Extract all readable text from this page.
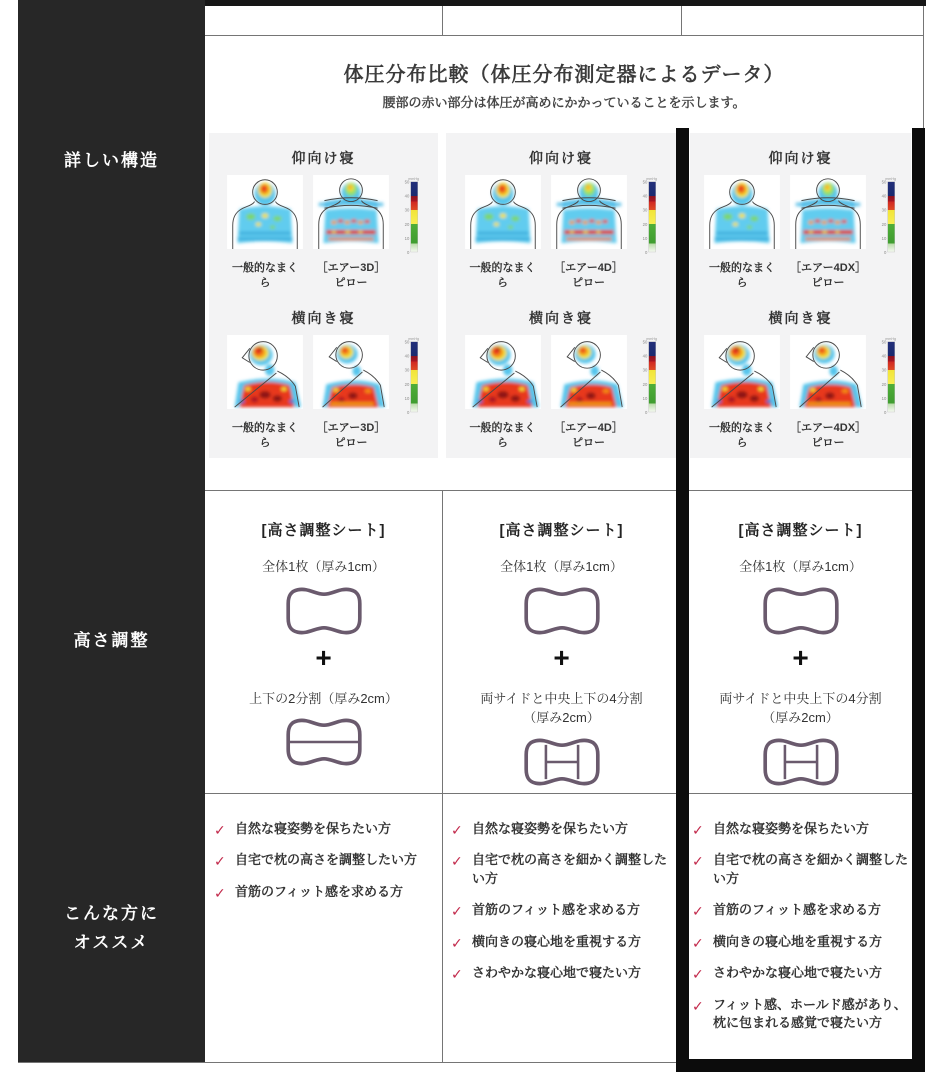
詳しい構造
高さ調整
こんな方に
オススメ
体圧分布比較（体圧分布測定器によるデータ）
腰部の赤い部分は体圧が高めにかかっていることを示します。
仰向け寝
一般的なまくら
［エアー3D］
ピロー
横向き寝
一般的なまくら
［エアー3D］
ピロー
仰向け寝
一般的なまくら
［エアー4D］
ピロー
横向き寝
一般的なまくら
［エアー4D］
ピロー
仰向け寝
一般的なまくら
［エアー4DX］
ピロー
横向き寝
一般的なまくら
［エアー4DX］
ピロー
[高さ調整シート]
全体1枚（厚み1cm）
+
上下の2分割（厚み2cm）
[高さ調整シート]
全体1枚（厚み1cm）
+
両サイドと中央上下の4分割
（厚み2cm）
[高さ調整シート]
全体1枚（厚み1cm）
+
両サイドと中央上下の4分割
（厚み2cm）
✓ 自然な寝姿勢を保ちたい方
✓ 自宅で枕の高さを調整したい方
✓ 首筋のフィット感を求める方
✓ 自然な寝姿勢を保ちたい方
✓ 自宅で枕の高さを細かく調整したい方
✓ 首筋のフィット感を求める方
✓ 横向きの寝心地を重視する方
✓ さわやかな寝心地で寝たい方
✓ 自然な寝姿勢を保ちたい方
✓ 自宅で枕の高さを細かく調整したい方
✓ 首筋のフィット感を求める方
✓ 横向きの寝心地を重視する方
✓ さわやかな寝心地で寝たい方
✓ フィット感、ホールド感があり、枕に包まれる感覚で寝たい方
